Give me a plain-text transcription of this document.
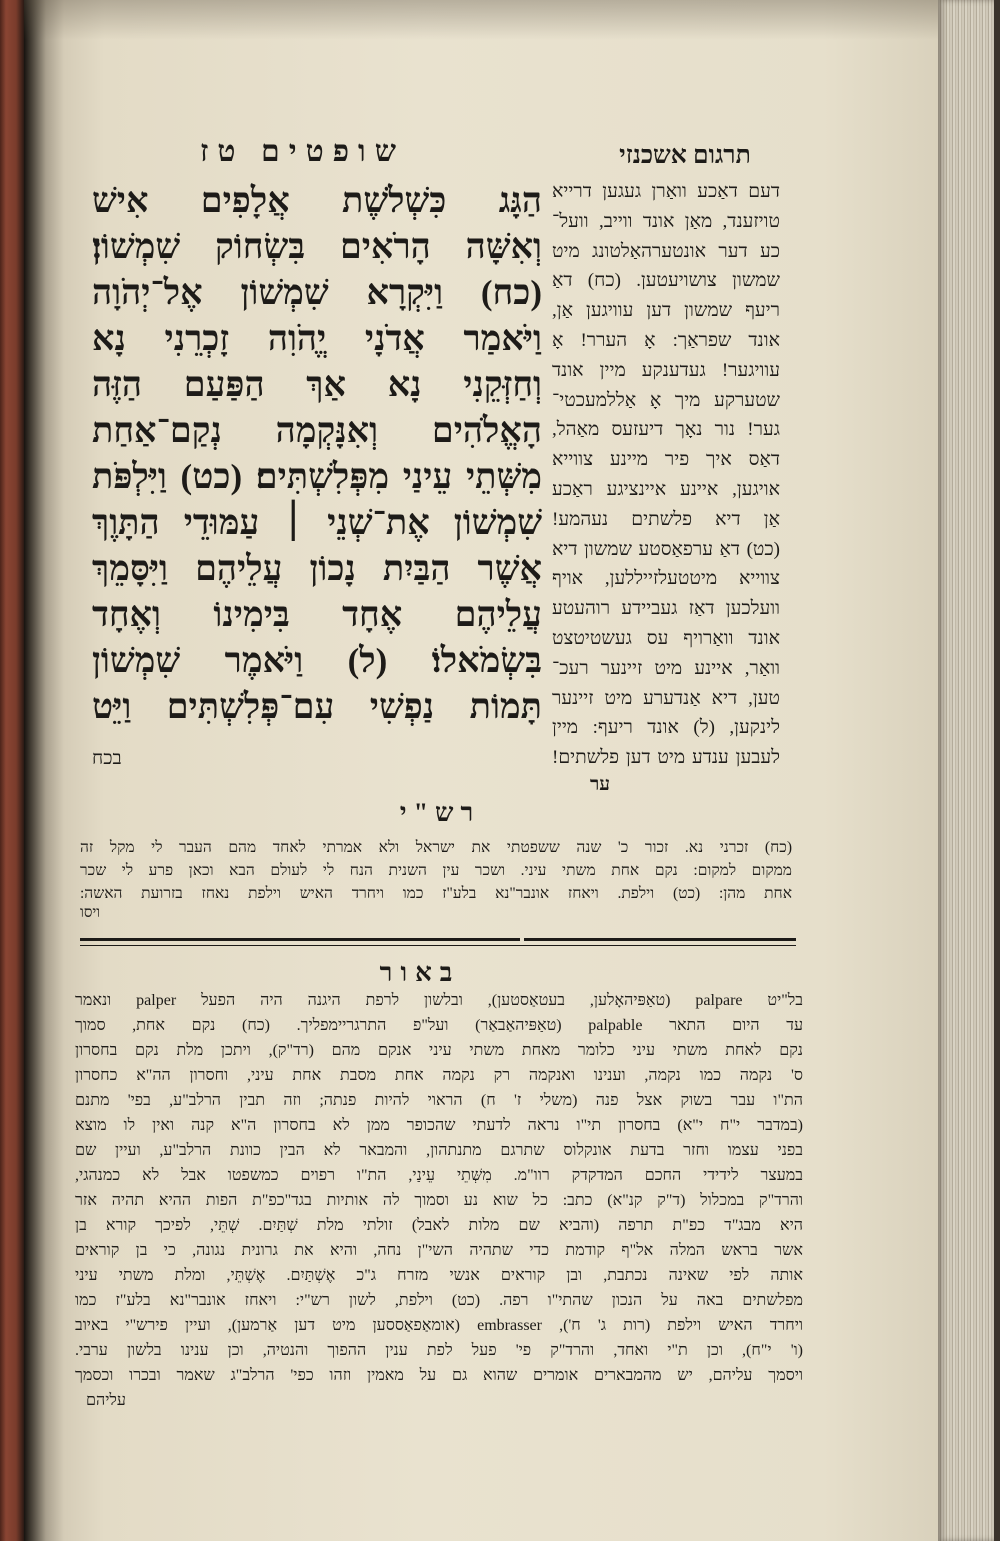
שופטים טז	תרגום אשכנזי
הַגָּג כִּשְׁלֹשֶׁת אֲלָפִים אִישׁ
וְאִשָּׁה הָרֹאִים בִּשְׂחוֹק שִׁמְשׁוֹן׃
(כח) וַיִּקְרָא שִׁמְשׁוֹן אֶל־יְהֹוָה
וַיֹּאמַר אֲדֹנָי יֱהֹוִה זָכְרֵנִי נָא
וְחַזְּקֵנִי נָא אַךְ הַפַּעַם הַזֶּה
הָאֱלֹהִים וְאִנָּקְמָה נְקַם־אַחַת
מִשְּׁתֵי עֵינַי מִפְּלִשְׁתִּים׃ (כט) וַיִּלְפֹּת
שִׁמְשׁוֹן אֶת־שְׁנֵי ׀ עַמּוּדֵי הַתָּוֶךְ
אֲשֶׁר הַבַּיִת נָכוֹן עֲלֵיהֶם וַיִּסָּמֵךְ
עֲלֵיהֶם אֶחָד בִּימִינוֹ וְאֶחָד
בִּשְׂמֹאלוֹ׃ (ל) וַיֹּאמֶר שִׁמְשׁוֹן
תָּמוֹת נַפְשִׁי עִם־פְּלִשְׁתִּים וַיֵּט
דעם דאַכע וואַרן געגען דרייא
טויזענד, מאַן אונד ווייב, וועל־
כע דער אונטערהאַלטונג מיט
שמשון צושויעטען. (כח) דאַ
ריעף שמשון דען עוויגען אַן,
אונד שפראַך: אָ הערר! אָ
עוויגער! געדענקע מיין אונד
שטערקע מיך אָ אַללמעכטי־
גער! נור נאָך דיעזעס מאַהל,
דאַס איך פיר מיינע צווייא
אויגען, איינע איינציגע ראַכע
אַן דיא פלשתים נעהמע!
(כט) דאַ ערפאַסטע שמשון דיא
צווייא מיטטעלזייללען, אויף
וועלכען דאַז געביידע רוהעטע
אונד וואַרויף עס געשטיטצט
וואַר, איינע מיט זיינער רעכ־
טען, דיא אַנדערע מיט זיינער
לינקען, (ל) אונד ריעף: מיין
לעבען ענדע מיט דען פלשתים!
בכח
ער
רש"י
(כח) זכרני נא. זכור כ' שנה ששפטתי את ישראל ולא אמרתי לאחד מהם העבר לי מקל זה
ממקום למקום: נקם אחת משתי עיני. ושכר עין השנית הנח לי לעולם הבא וכאן פרע לי שכר
אחת מהן: (כט) וילפת. ויאחז אונבר"נא בלע"ז כמו ויחרד האיש וילפת נאחז בזרועת האשה:
ויסו
באור
בל"יט palpare (טאַפּיהאָלען, בעטאַסטען), ובלשון לרפת היגנה היה הפעל palper ונאמר
עד היום התאר palpable (טאַפּיהאַבאַר) ועל"פ התרגריימפליך. (כח) נקם אחת, סמוך
נקם לאחת משתי עיני כלומר מאחת משתי עיני אנקם מהם (רד"ק), ויתכן מלת נקם בחסרון
ס' נקמה כמו נקמה, וענינו ואנקמה רק נקמה אחת מסבת אחת עיני, וחסרון הה"א כחסרון
הת"ו עבר בשוק אצל פנה (משלי ז' ח) הראוי להיות פנתה; וזה תבין הרלב"ע, בפי' מתנם
(במדבר י"ח י"א) בחסרון תי"ו נראה לדעתי שהכופר ממן לא בחסרון ה"א קנה ואין לו מוצא
בפני עצמו וחזר בדעת אונקלוס שתרגם מתנתהון, והמבאר לא הבין כוונת הרלב"ע, ועיין שם
במעצר לידידי החכם המדקדק רוו"מ. מִשְּׁתֵי עֵינַי, הת"ו רפוים כמשפטו אבל לא כמנהגי,
והרד"ק במכלול (ד"ק קנ"א) כתב: כל שוא נע וסמוך לה אותיות בגד"כפ"ת הפות ההיא תהיה אזר
היא מבג"ד כפ"ת תרפה (והביא שם מלות לאבל) זולתי מלת שְׁתַּיִם. שְׁתֵּי, לפיכך קורא בן
אשר בראש המלה אל"ף קודמת כדי שתהיה השי"ן נחה, והיא את גרונית נגונה, כי בן קוראים
אותה לפי שאינה נכתבת, ובן קוראים אנשי מזרח ג"כ אֶשְׁתַּיִם. אֶשְׁתֵּי, ומלת משתי עיני
מפלשתים באה על הנכון שהתי"ו רפה. (כט) וילפת, לשון רש"י: ויאחז אונבר"נא בלע"ז כמו
ויחרד האיש וילפת (רות ג' ח'), embrasser (אומאַפאַססען מיט דען אַרמען), ועיין פירש"י באיוב
(ו' י"ח), וכן ת"י ואחד, והרד"ק פי' פעל לפת ענין ההפוך והנטיה, וכן ענינו בלשון ערבי.
ויסמך עליהם, יש מהמבארים אומרים שהוא גם על מאמין וזהו כפי' הרלב"ג שאמר ובכרו וכסמך
עליהם
